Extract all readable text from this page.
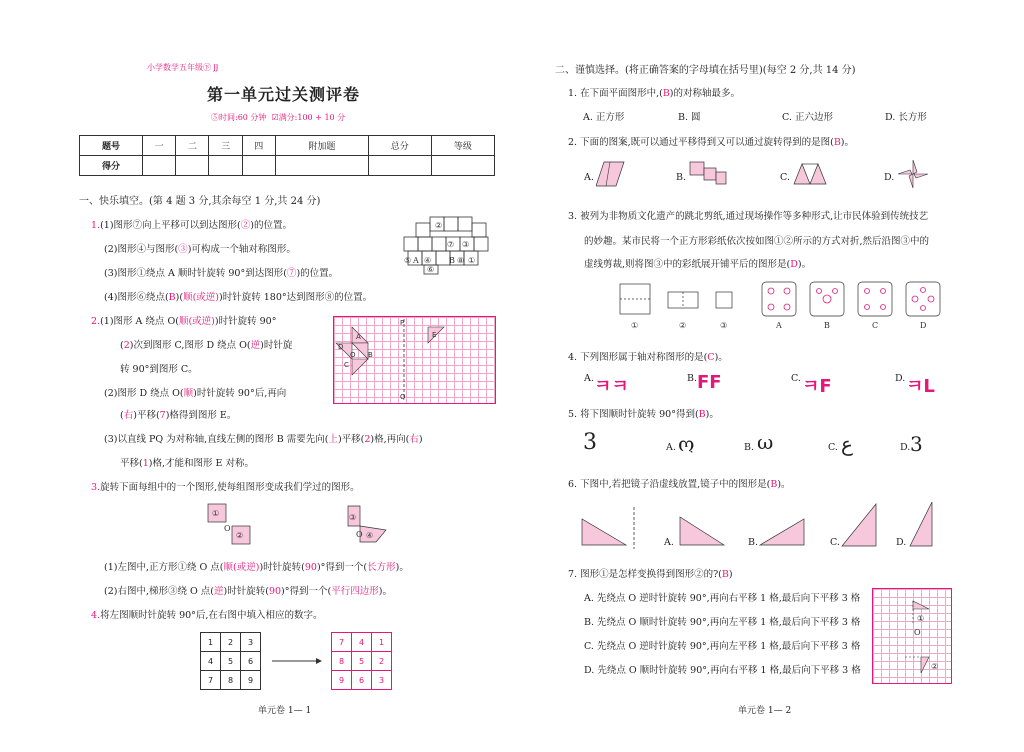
小学数学五年级㊦ JJ
第一单元过关测评卷
⑤时间:60 分钟 ☑满分:100 + 10 分
题号	一	二	三	四	附加题	总分	等级
得分							
一、快乐填空。(第 4 题 3 分,其余每空 1 分,共 24 分)
1.(1)图形⑦向上平移可以到达图形(②)的位置。
(2)图形④与图形(③)可构成一个轴对称图形。
(3)图形①绕点 A 顺时针旋转 90°到达图形(⑦)的位置。
(4)图形⑥绕点(B)(顺(或逆))时针旋转 180°达到图形⑧的位置。
②
⑦ ③
⑤ A ④ B ⑧ ①
⑥
2.(1)图形 A 绕点 O(顺(或逆))时针旋转 90°
(2)次到图形 C,图形 D 绕点 O(逆)时针旋
转 90°到图形 C。
(2)图形 D 绕点 O(顺)时针旋转 90°后,再向
(右)平移(7)格得到图形 E。
(3)以直线 PQ 为对称轴,直线左侧的图形 B 需要先向(上)平移(2)格,再向(右)
平移(1)格,才能和图形 E 对称。
A
D
B
C
O
E
P
Q
3.旋转下面每组中的一个图形,使每组图形变成我们学过的图形。
①
②
O
③
④
O
(1)左图中,正方形①绕 O 点(顺(或逆))时针旋转(90)°得到一个(长方形)。
(2)右图中,梯形③绕 O 点(逆)时针旋转(90)°得到一个(平行四边形)。
4.将左图顺时针旋转 90°后,在右图中填入相应的数字。
1	2	3
4	5	6
7	8	9
7	4	1
8	5	2
9	6	3
单元卷 1— 1
二、谨慎选择。(将正确答案的字母填在括号里)(每空 2 分,共 14 分)
1. 在下面平面图形中,(B)的对称轴最多。
A. 正方形	B. 圆	C. 正六边形	D. 长方形
2. 下面的图案,既可以通过平移得到又可以通过旋转得到的是图(B)。
A.	B.	C.	D.
3. 被列为非物质文化遗产的跳北剪纸,通过现场操作等多种形式,让市民体验到传统技艺
的妙趣。某市民将一个正方形彩纸依次按如图①②所示的方式对折,然后沿图③中的
虚线剪裁,则将图③中的彩纸展开铺平后的图形是(D)。
①	②	③	A	B	C	D
4. 下列图形属于轴对称图形的是(C)。
A. ㅋㅋ	B. FF	C. ㅋF	D. ㅋL
5. 将下图顺时针旋转 90°得到(B)。
3	A. ო	B. ω	C. ع	D. 3
6. 下图中,若把镜子沿虚线放置,镜子中的图形是(B)。
A.	B.	C.	D.
7. 图形①是怎样变换得到图形②的?(B)
A. 先绕点 O 逆时针旋转 90°,再向右平移 1 格,最后向下平移 3 格
B. 先绕点 O 顺时针旋转 90°,再向左平移 1 格,最后向下平移 3 格
C. 先绕点 O 逆时针旋转 90°,再向左平移 1 格,最后向下平移 3 格
D. 先绕点 O 顺时针旋转 90°,再向右平移 1 格,最后向下平移 3 格
①
O
②
单元卷 1— 2
